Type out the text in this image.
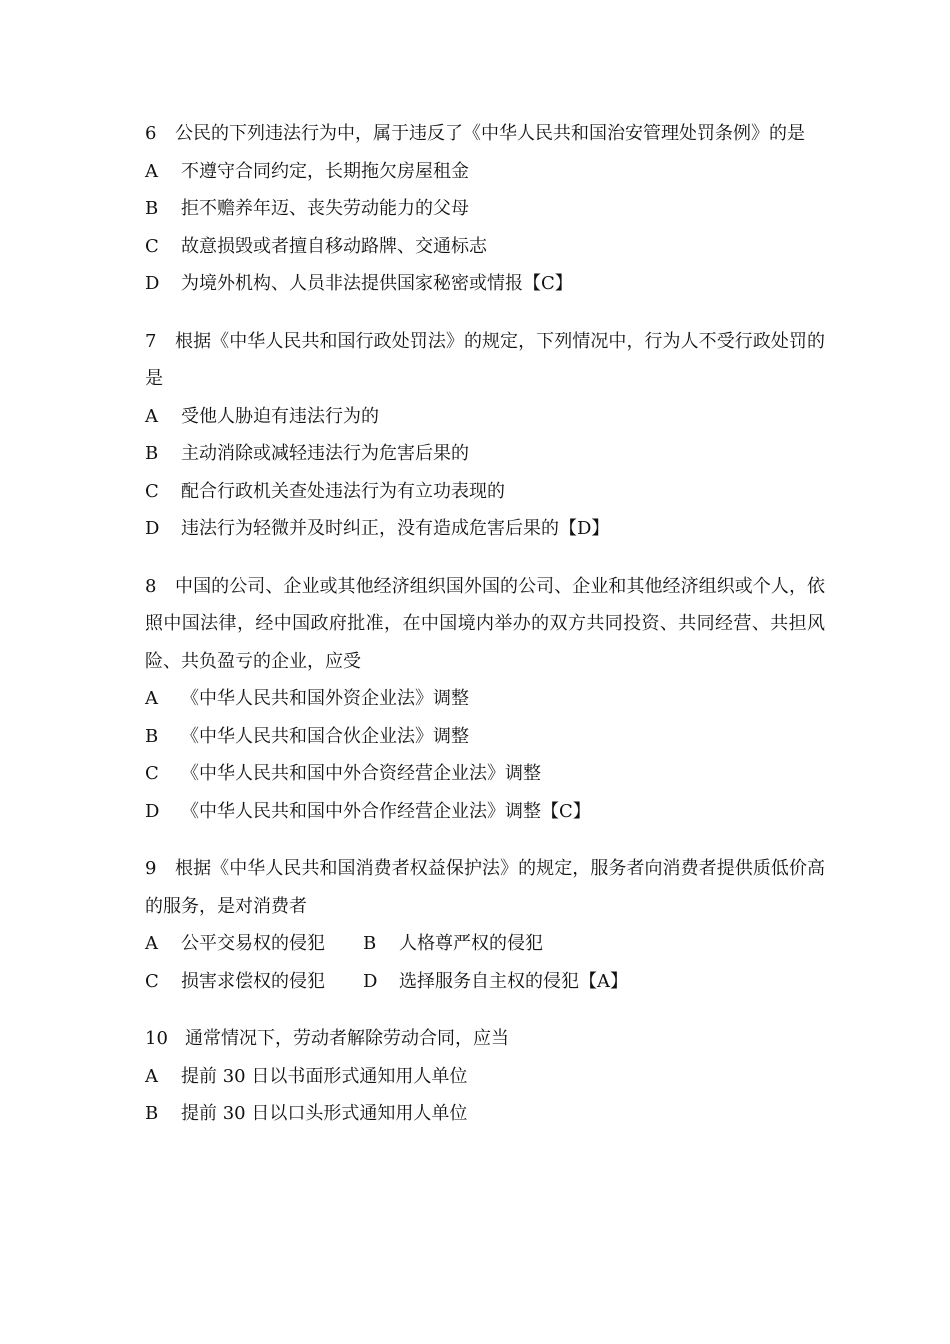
6 公民的下列违法行为中，属于违反了《中华人民共和国治安管理处罚条例》的是
A 不遵守合同约定，长期拖欠房屋租金
B 拒不赡养年迈、丧失劳动能力的父母
C 故意损毁或者擅自移动路牌、交通标志
D 为境外机构、人员非法提供国家秘密或情报【C】
7 根据《中华人民共和国行政处罚法》的规定，下列情况中，行为人不受行政处罚的是
A 受他人胁迫有违法行为的
B 主动消除或减轻违法行为危害后果的
C 配合行政机关查处违法行为有立功表现的
D 违法行为轻微并及时纠正，没有造成危害后果的【D】
8 中国的公司、企业或其他经济组织国外国的公司、企业和其他经济组织或个人，依照中国法律，经中国政府批准，在中国境内举办的双方共同投资、共同经营、共担风险、共负盈亏的企业，应受
A 《中华人民共和国外资企业法》调整
B 《中华人民共和国合伙企业法》调整
C 《中华人民共和国中外合资经营企业法》调整
D 《中华人民共和国中外合作经营企业法》调整【C】
9 根据《中华人民共和国消费者权益保护法》的规定，服务者向消费者提供质低价高的服务，是对消费者
A 公平交易权的侵犯 B 人格尊严权的侵犯
C 损害求偿权的侵犯 D 选择服务自主权的侵犯【A】
10 通常情况下，劳动者解除劳动合同，应当
A 提前 30 日以书面形式通知用人单位
B 提前 30 日以口头形式通知用人单位
